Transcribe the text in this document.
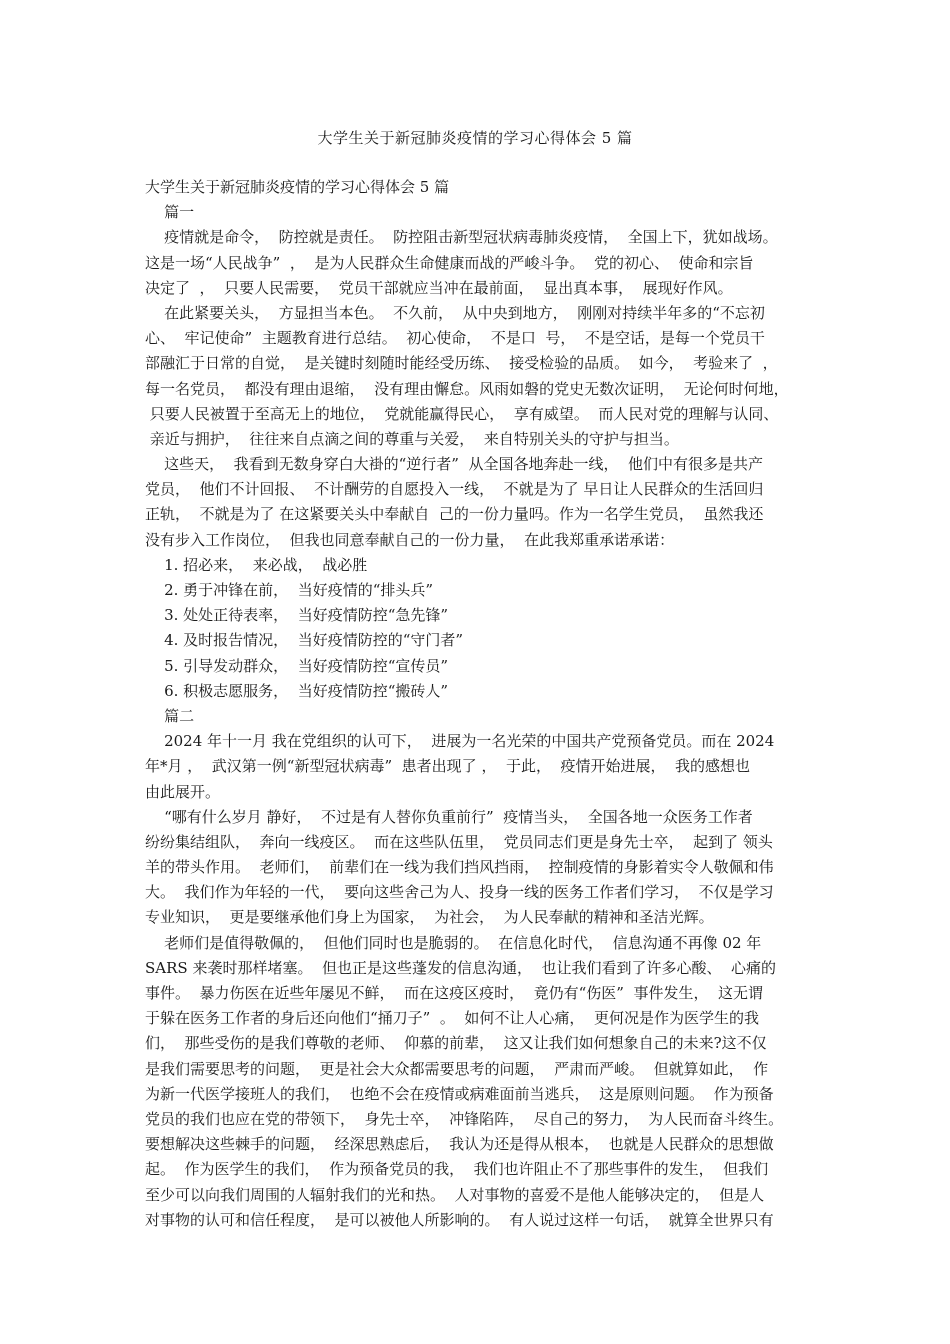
大学生关于新冠肺炎疫情的学习心得体会 5 篇
大学生关于新冠肺炎疫情的学习心得体会 5 篇
篇一
疫情就是命令，  防控就是责任。  防控阻击新型冠状病毒肺炎疫情，  全国上下，犹如战场。
这是一场“人民战争”  ，  是为人民群众生命健康而战的严峻斗争。  党的初心、  使命和宗旨
决定了  ，  只要人民需要，  党员干部就应当冲在最前面，  显出真本事，  展现好作风。
在此紧要关头，  方显担当本色。  不久前，  从中央到地方，  刚刚对持续半年多的“不忘初
心、  牢记使命”  主题教育进行总结。  初心使命，  不是口  号，  不是空话，是每一个党员干
部融汇于日常的自觉，  是关键时刻随时能经受历练、  接受检验的品质。  如今，  考验来了  ，
每一名党员，  都没有理由退缩，  没有理由懈怠。风雨如磐的党史无数次证明，  无论何时何地，
只要人民被置于至高无上的地位，  党就能赢得民心，  享有威望。  而人民对党的理解与认同、
亲近与拥护，  往往来自点滴之间的尊重与关爱，  来自特别关头的守护与担当。
这些天，  我看到无数身穿白大褂的“逆行者”  从全国各地奔赴一线，  他们中有很多是共产
党员，  他们不计回报、  不计酬劳的自愿投入一线，  不就是为了 早日让人民群众的生活回归
正轨，  不就是为了 在这紧要关头中奉献自  己的一份力量吗。作为一名学生党员，  虽然我还
没有步入工作岗位，  但我也同意奉献自己的一份力量，  在此我郑重承诺承诺：
1. 招必来，  来必战，  战必胜
2. 勇于冲锋在前，  当好疫情的“排头兵”
3. 处处正待表率，  当好疫情防控“急先锋”
4. 及时报告情况，  当好疫情防控的“守门者”
5. 引导发动群众，  当好疫情防控“宣传员”
6. 积极志愿服务，  当好疫情防控“搬砖人”
篇二
2024 年十一月 我在党组织的认可下，  进展为一名光荣的中国共产党预备党员。而在 2024
年*月 ，  武汉第一例“新型冠状病毒”  患者出现了 ，  于此，  疫情开始进展，  我的感想也
由此展开。
“哪有什么岁月 静好，  不过是有人替你负重前行”  疫情当头，  全国各地一众医务工作者
纷纷集结组队，  奔向一线疫区。  而在这些队伍里，  党员同志们更是身先士卒，  起到了 领头
羊的带头作用。  老师们，  前辈们在一线为我们挡风挡雨，  控制疫情的身影着实令人敬佩和伟
大。  我们作为年轻的一代，  要向这些舍己为人、投身一线的医务工作者们学习，  不仅是学习
专业知识，  更是要继承他们身上为国家，  为社会，  为人民奉献的精神和圣洁光辉。
老师们是值得敬佩的，  但他们同时也是脆弱的。  在信息化时代，  信息沟通不再像 02 年
SARS 来袭时那样堵塞。  但也正是这些蓬发的信息沟通，  也让我们看到了许多心酸、  心痛的
事件。  暴力伤医在近些年屡见不鲜，  而在这疫区疫时，  竟仍有“伤医”  事件发生，  这无谓
于躲在医务工作者的身后还向他们“捅刀子”  。  如何不让人心痛，  更何况是作为医学生的我
们，  那些受伤的是我们尊敬的老师、  仰慕的前辈，  这又让我们如何想象自己的未来?这不仅
是我们需要思考的问题，  更是社会大众都需要思考的问题，  严肃而严峻。  但就算如此，  作
为新一代医学接班人的我们，  也绝不会在疫情或病难面前当逃兵，  这是原则问题。  作为预备
党员的我们也应在党的带领下，  身先士卒，  冲锋陷阵，  尽自己的努力，  为人民而奋斗终生。
要想解决这些棘手的问题，  经深思熟虑后，  我认为还是得从根本，  也就是人民群众的思想做
起。  作为医学生的我们，  作为预备党员的我，  我们也许阻止不了那些事件的发生，  但我们
至少可以向我们周围的人辐射我们的光和热。  人对事物的喜爱不是他人能够决定的，  但是人
对事物的认可和信任程度，  是可以被他人所影响的。  有人说过这样一句话，  就算全世界只有
